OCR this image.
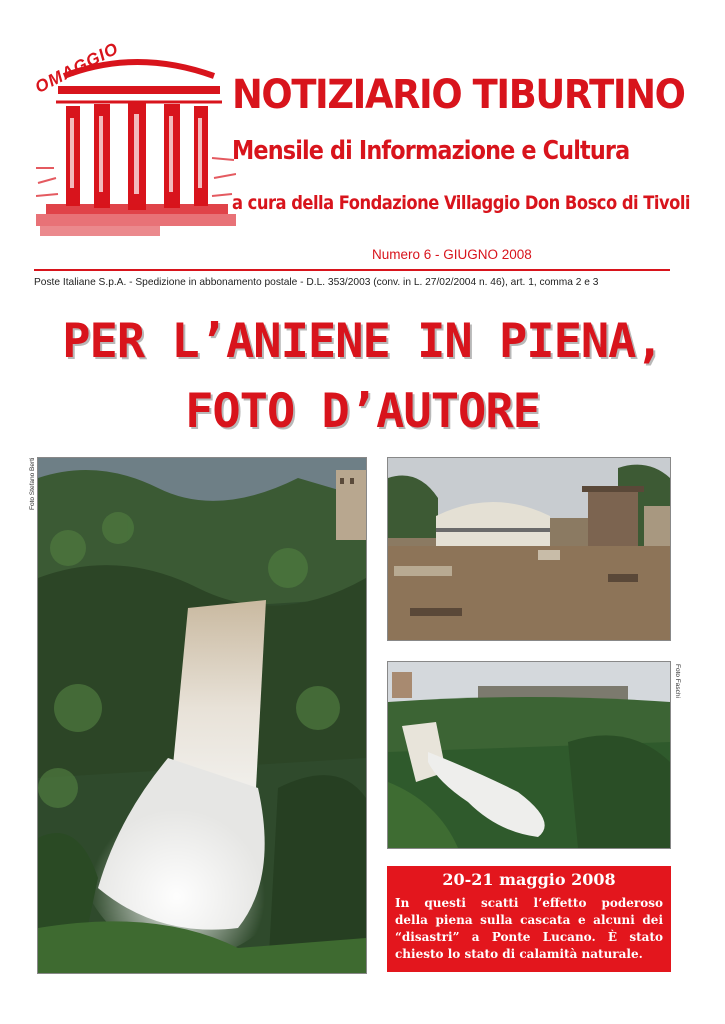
OMAGGIO	NOTIZIARIO TIBURTINO
Mensile di Informazione e Cultura
a cura della Fondazione Villaggio Don Bosco di Tivoli
Numero 6 - GIUGNO 2008
Poste Italiane S.p.A. - Spedizione in abbonamento postale - D.L. 353/2003 (conv. in L. 27/02/2004 n. 46), art. 1, comma 2 e 3
PER L’ANIENE IN PIENA,
FOTO D’AUTORE
Foto Stefano Berti
Foto Faschi
20-21 maggio 2008
In questi scatti l’effetto poderoso
della piena sulla cascata e alcuni dei
“disastri” a Ponte Lucano. È stato
chiesto lo stato di calamità naturale.
